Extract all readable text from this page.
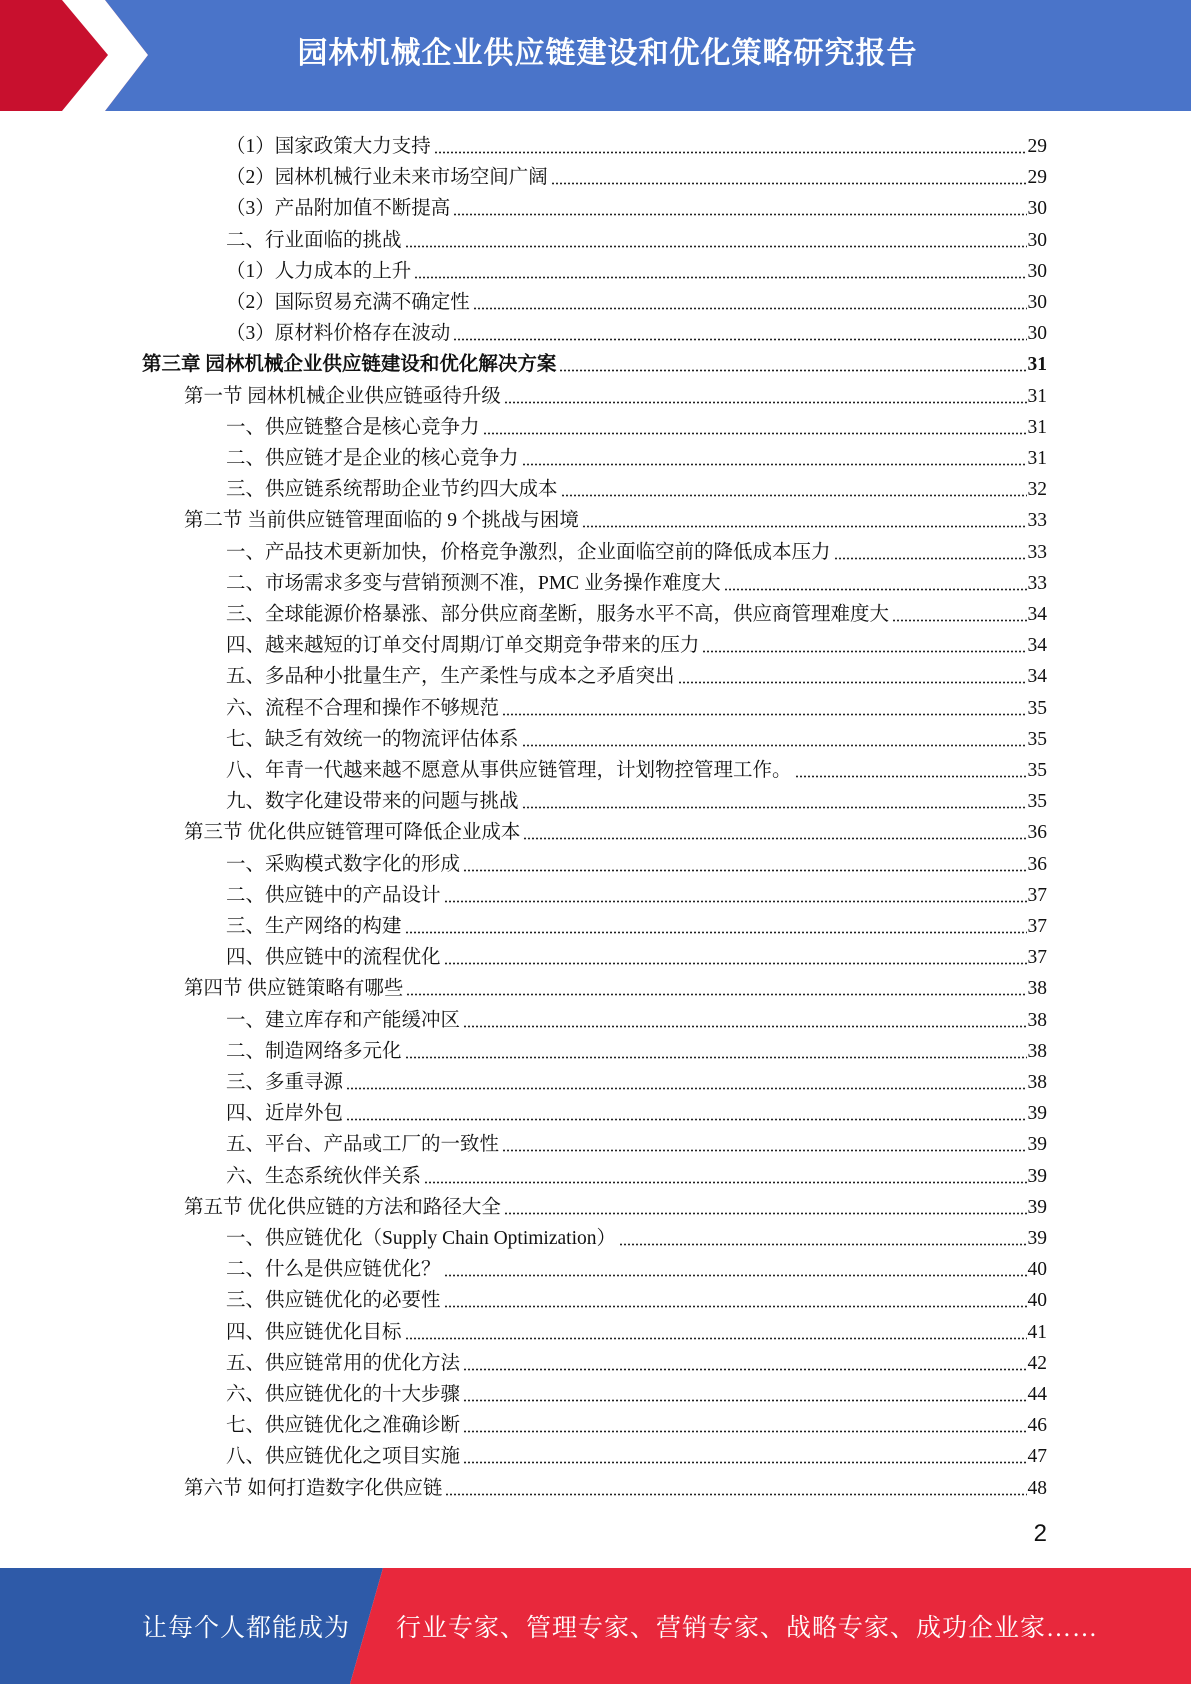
园林机械企业供应链建设和优化策略研究报告
（1）国家政策大力支持	29
（2）园林机械行业未来市场空间广阔	29
（3）产品附加值不断提高	30
二、行业面临的挑战	30
（1）人力成本的上升	30
（2）国际贸易充满不确定性	30
（3）原材料价格存在波动	30
第三章 园林机械企业供应链建设和优化解决方案	31
第一节 园林机械企业供应链亟待升级	31
一、供应链整合是核心竞争力	31
二、供应链才是企业的核心竞争力	31
三、供应链系统帮助企业节约四大成本	32
第二节 当前供应链管理面临的 9 个挑战与困境	33
一、产品技术更新加快，价格竞争激烈，企业面临空前的降低成本压力	33
二、市场需求多变与营销预测不准，PMC 业务操作难度大	33
三、全球能源价格暴涨、部分供应商垄断，服务水平不高，供应商管理难度大	34
四、越来越短的订单交付周期/订单交期竞争带来的压力	34
五、多品种小批量生产，生产柔性与成本之矛盾突出	34
六、流程不合理和操作不够规范	35
七、缺乏有效统一的物流评估体系	35
八、年青一代越来越不愿意从事供应链管理，计划物控管理工作。	35
九、数字化建设带来的问题与挑战	35
第三节 优化供应链管理可降低企业成本	36
一、采购模式数字化的形成	36
二、供应链中的产品设计	37
三、生产网络的构建	37
四、供应链中的流程优化	37
第四节 供应链策略有哪些	38
一、建立库存和产能缓冲区	38
二、制造网络多元化	38
三、多重寻源	38
四、近岸外包	39
五、平台、产品或工厂的一致性	39
六、生态系统伙伴关系	39
第五节 优化供应链的方法和路径大全	39
一、供应链优化（Supply Chain Optimization）	39
二、什么是供应链优化？	40
三、供应链优化的必要性	40
四、供应链优化目标	41
五、供应链常用的优化方法	42
六、供应链优化的十大步骤	44
七、供应链优化之准确诊断	46
八、供应链优化之项目实施	47
第六节 如何打造数字化供应链	48
2
让每个人都能成为 行业专家、管理专家、营销专家、战略专家、成功企业家……
